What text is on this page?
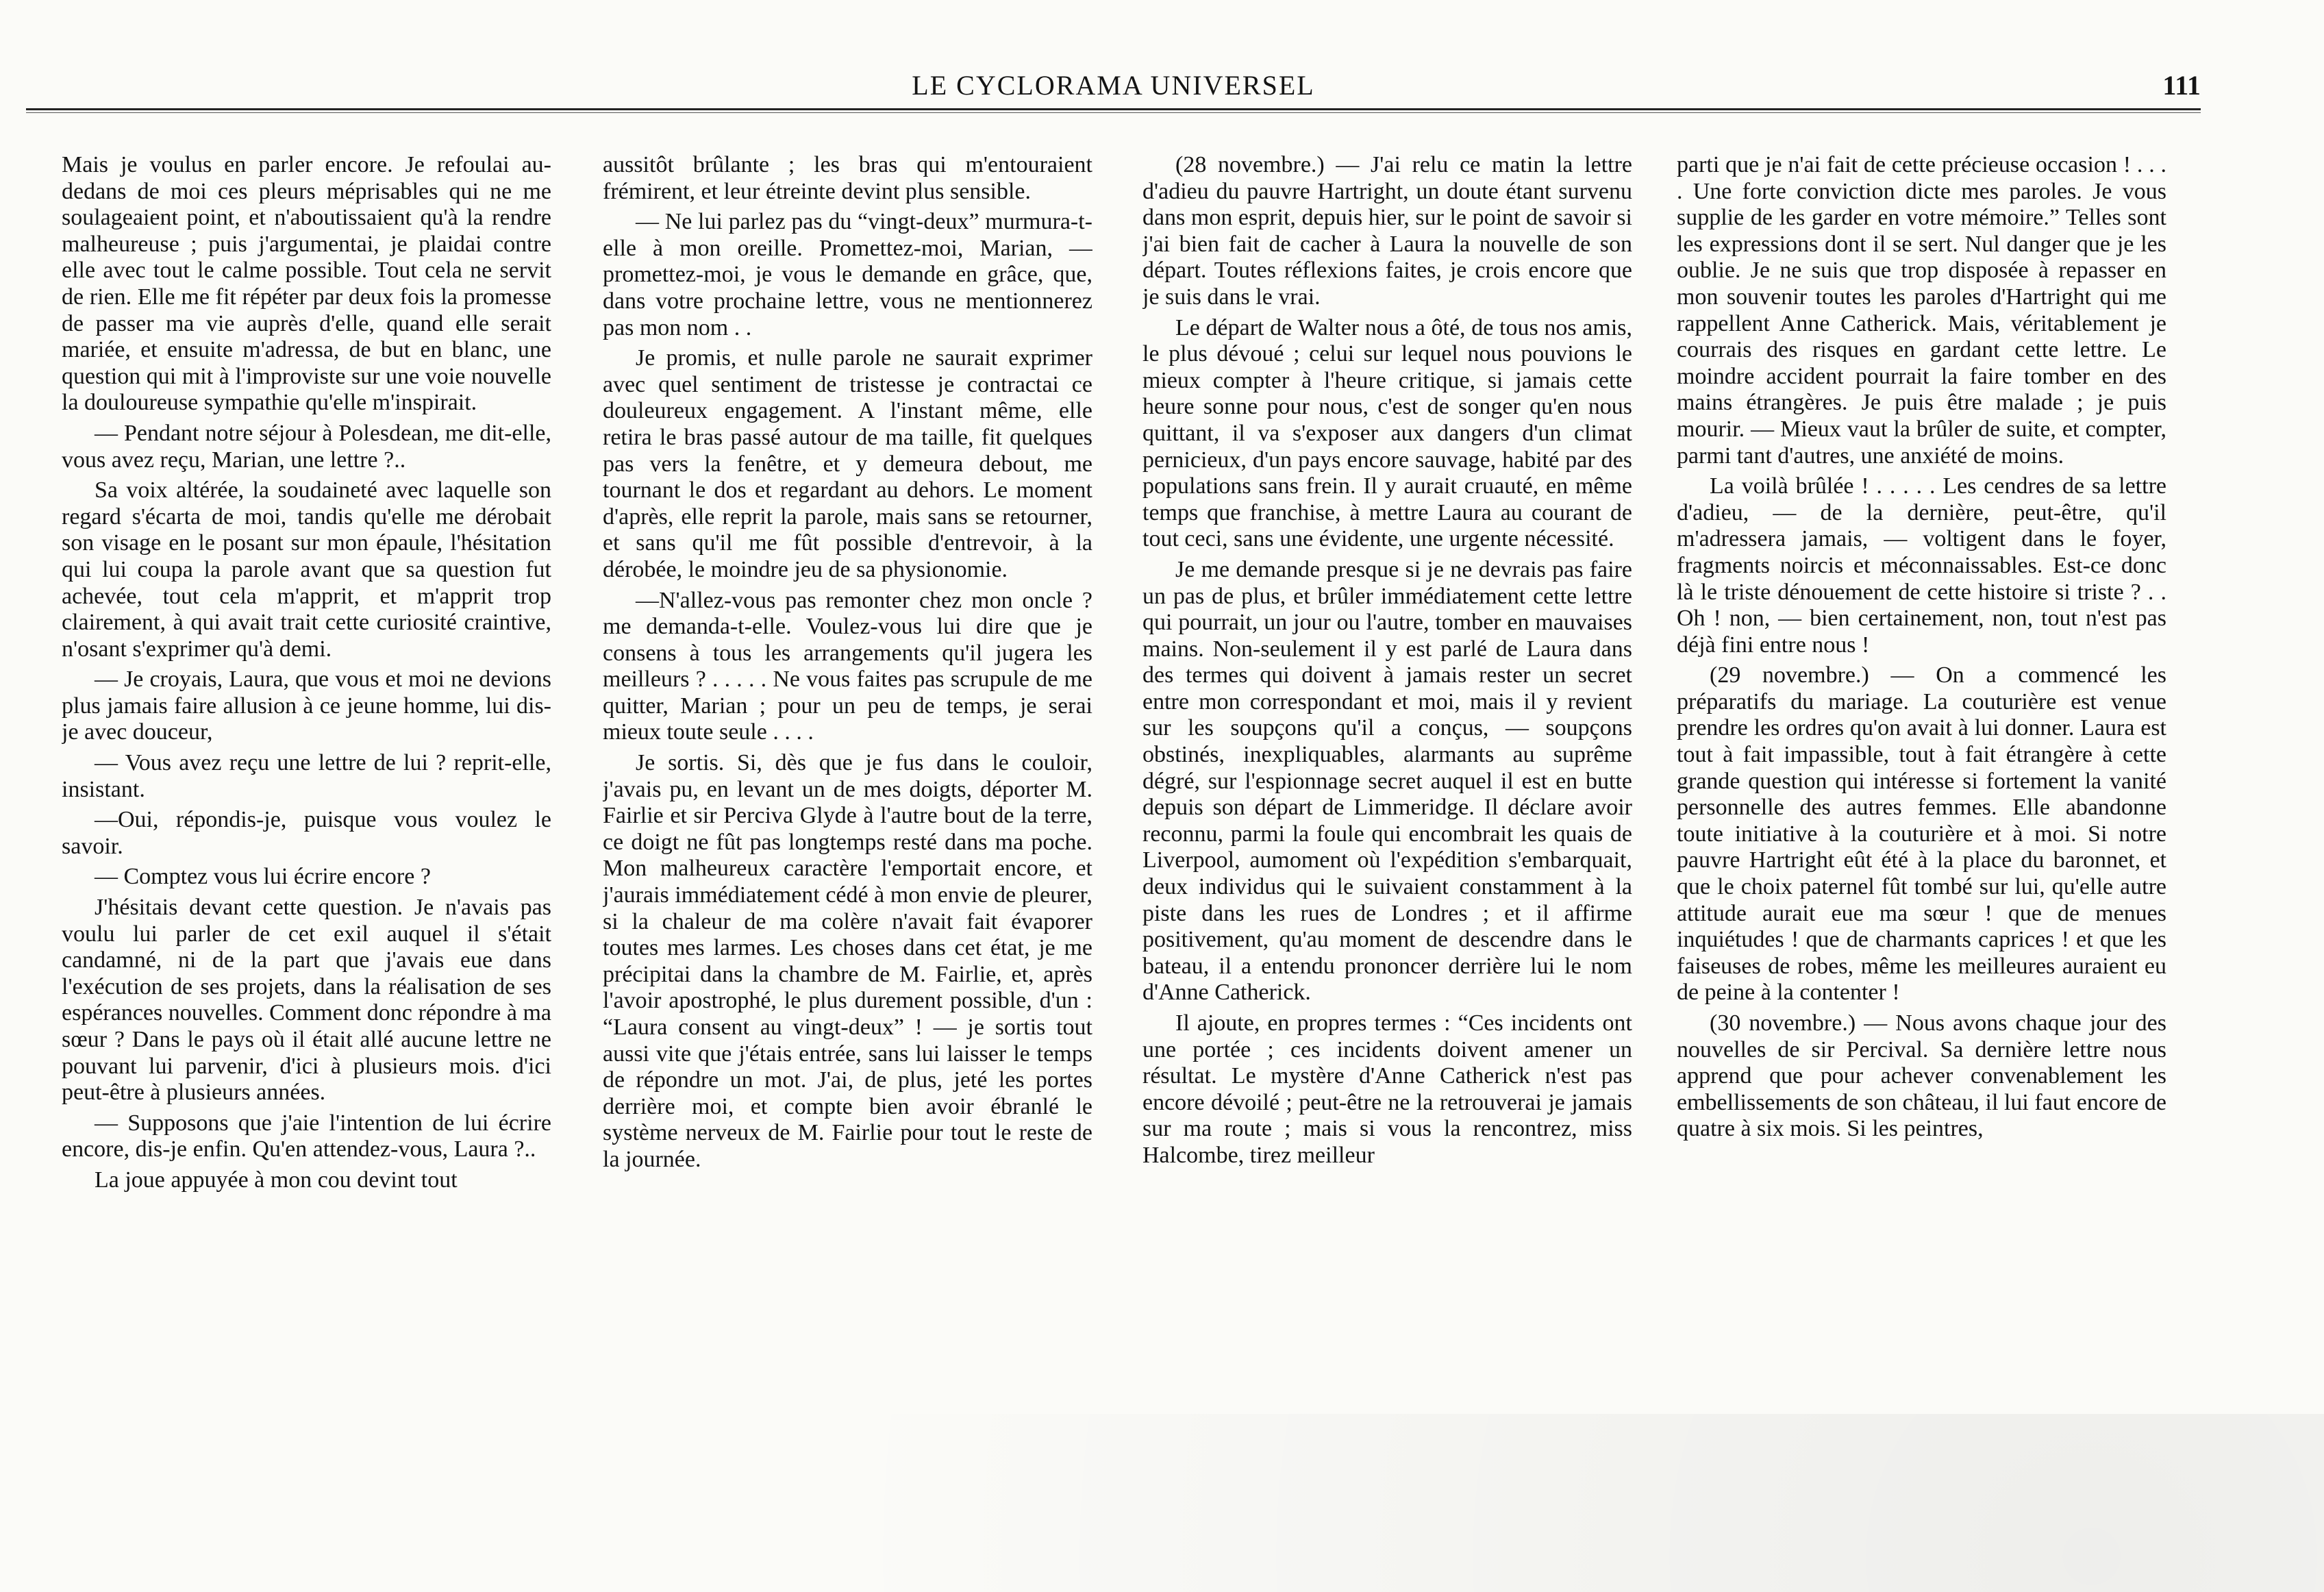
LE CYCLORAMA UNIVERSEL	111

Mais je voulus en parler encore. Je refoulai au-dedans de moi ces pleurs méprisables qui ne me soulageaient point, et n'aboutissaient qu'à la rendre malheureuse ; puis j'argumentai, je plaidai contre elle avec tout le calme possible. Tout cela ne servit de rien. Elle me fit répéter par deux fois la promesse de passer ma vie auprès d'elle, quand elle serait mariée, et ensuite m'adressa, de but en blanc, une question qui mit à l'improviste sur une voie nouvelle la douloureuse sympathie qu'elle m'inspirait.

— Pendant notre séjour à Polesdean, me dit-elle, vous avez reçu, Marian, une lettre ?..

Sa voix altérée, la soudaineté avec laquelle son regard s'écarta de moi, tandis qu'elle me dérobait son visage en le posant sur mon épaule, l'hésitation qui lui coupa la parole avant que sa question fut achevée, tout cela m'apprit, et m'apprit trop clairement, à qui avait trait cette curiosité craintive, n'osant s'exprimer qu'à demi.

— Je croyais, Laura, que vous et moi ne devions plus jamais faire allusion à ce jeune homme, lui dis-je avec douceur,

— Vous avez reçu une lettre de lui ? reprit-elle, insistant.

—Oui, répondis-je, puisque vous voulez le savoir.

— Comptez vous lui écrire encore ?

J'hésitais devant cette question. Je n'avais pas voulu lui parler de cet exil auquel il s'était candamné, ni de la part que j'avais eue dans l'exécution de ses projets, dans la réalisation de ses espérances nouvelles. Comment donc répondre à ma sœur ? Dans le pays où il était allé aucune lettre ne pouvant lui parvenir, d'ici à plusieurs mois. d'ici peut-être à plusieurs années.

— Supposons que j'aie l'intention de lui écrire encore, dis-je enfin. Qu'en attendez-vous, Laura ?..

La joue appuyée à mon cou devint tout

aussitôt brûlante ; les bras qui m'entouraient frémirent, et leur étreinte devint plus sensible.

— Ne lui parlez pas du “vingt-deux” murmura-t-elle à mon oreille. Promettez-moi, Marian, — promettez-moi, je vous le demande en grâce, que, dans votre prochaine lettre, vous ne mentionnerez pas mon nom . .

Je promis, et nulle parole ne saurait exprimer avec quel sentiment de tristesse je contractai ce douleureux engagement. A l'instant même, elle retira le bras passé autour de ma taille, fit quelques pas vers la fenêtre, et y demeura debout, me tournant le dos et regardant au dehors. Le moment d'après, elle reprit la parole, mais sans se retourner, et sans qu'il me fût possible d'entrevoir, à la dérobée, le moindre jeu de sa physionomie.

—N'allez-vous pas remonter chez mon oncle ? me demanda-t-elle. Voulez-vous lui dire que je consens à tous les arrangements qu'il jugera les meilleurs ? . . . . . Ne vous faites pas scrupule de me quitter, Marian ; pour un peu de temps, je serai mieux toute seule . . . .

Je sortis. Si, dès que je fus dans le couloir, j'avais pu, en levant un de mes doigts, déporter M. Fairlie et sir Perciva Glyde à l'autre bout de la terre, ce doigt ne fût pas longtemps resté dans ma poche. Mon malheureux caractère l'emportait encore, et j'aurais immédiatement cédé à mon envie de pleurer, si la chaleur de ma colère n'avait fait évaporer toutes mes larmes. Les choses dans cet état, je me précipitai dans la chambre de M. Fairlie, et, après l'avoir apostrophé, le plus durement possible, d'un : “Laura consent au vingt-deux” ! — je sortis tout aussi vite que j'étais entrée, sans lui laisser le temps de répondre un mot. J'ai, de plus, jeté les portes derrière moi, et compte bien avoir ébranlé le système nerveux de M. Fairlie pour tout le reste de la journée.

(28 novembre.) — J'ai relu ce matin la lettre d'adieu du pauvre Hartright, un doute étant survenu dans mon esprit, depuis hier, sur le point de savoir si j'ai bien fait de cacher à Laura la nouvelle de son départ. Toutes réflexions faites, je crois encore que je suis dans le vrai.

Le départ de Walter nous a ôté, de tous nos amis, le plus dévoué ; celui sur lequel nous pouvions le mieux compter à l'heure critique, si jamais cette heure sonne pour nous, c'est de songer qu'en nous quittant, il va s'exposer aux dangers d'un climat pernicieux, d'un pays encore sauvage, habité par des populations sans frein. Il y aurait cruauté, en même temps que franchise, à mettre Laura au courant de tout ceci, sans une évidente, une urgente nécessité.

Je me demande presque si je ne devrais pas faire un pas de plus, et brûler immédiatement cette lettre qui pourrait, un jour ou l'autre, tomber en mauvaises mains. Non-seulement il y est parlé de Laura dans des termes qui doivent à jamais rester un secret entre mon correspondant et moi, mais il y revient sur les soupçons qu'il a conçus, — soupçons obstinés, inexpliquables, alarmants au suprême dégré, sur l'espionnage secret auquel il est en butte depuis son départ de Limmeridge. Il déclare avoir reconnu, parmi la foule qui encombrait les quais de Liverpool, aumoment où l'expédition s'embarquait, deux individus qui le suivaient constamment à la piste dans les rues de Londres ; et il affirme positivement, qu'au moment de descendre dans le bateau, il a entendu prononcer derrière lui le nom d'Anne Catherick.

Il ajoute, en propres termes : “Ces incidents ont une portée ; ces incidents doivent amener un résultat. Le mystère d'Anne Catherick n'est pas encore dévoilé ; peut-être ne la retrouverai je jamais sur ma route ; mais si vous la rencontrez, miss Halcombe, tirez meilleur

parti que je n'ai fait de cette précieuse occasion ! . . . . Une forte conviction dicte mes paroles. Je vous supplie de les garder en votre mémoire.” Telles sont les expressions dont il se sert. Nul danger que je les oublie. Je ne suis que trop disposée à repasser en mon souvenir toutes les paroles d'Hartright qui me rappellent Anne Catherick. Mais, véritablement je courrais des risques en gardant cette lettre. Le moindre accident pourrait la faire tomber en des mains étrangères. Je puis être malade ; je puis mourir. — Mieux vaut la brûler de suite, et compter, parmi tant d'autres, une anxiété de moins.

La voilà brûlée ! . . . . . Les cendres de sa lettre d'adieu, — de la dernière, peut-être, qu'il m'adressera jamais, — voltigent dans le foyer, fragments noircis et méconnaissables. Est-ce donc là le triste dénouement de cette histoire si triste ? . . Oh ! non, — bien certainement, non, tout n'est pas déjà fini entre nous !

(29 novembre.) — On a commencé les préparatifs du mariage. La couturière est venue prendre les ordres qu'on avait à lui donner. Laura est tout à fait impassible, tout à fait étrangère à cette grande question qui intéresse si fortement la vanité personnelle des autres femmes. Elle abandonne toute initiative à la couturière et à moi. Si notre pauvre Hartright eût été à la place du baronnet, et que le choix paternel fût tombé sur lui, qu'elle autre attitude aurait eue ma sœur ! que de menues inquiétudes ! que de charmants caprices ! et que les faiseuses de robes, même les meilleures auraient eu de peine à la contenter !

(30 novembre.) — Nous avons chaque jour des nouvelles de sir Percival. Sa dernière lettre nous apprend que pour achever convenablement les embellissements de son château, il lui faut encore de quatre à six mois. Si les peintres,
